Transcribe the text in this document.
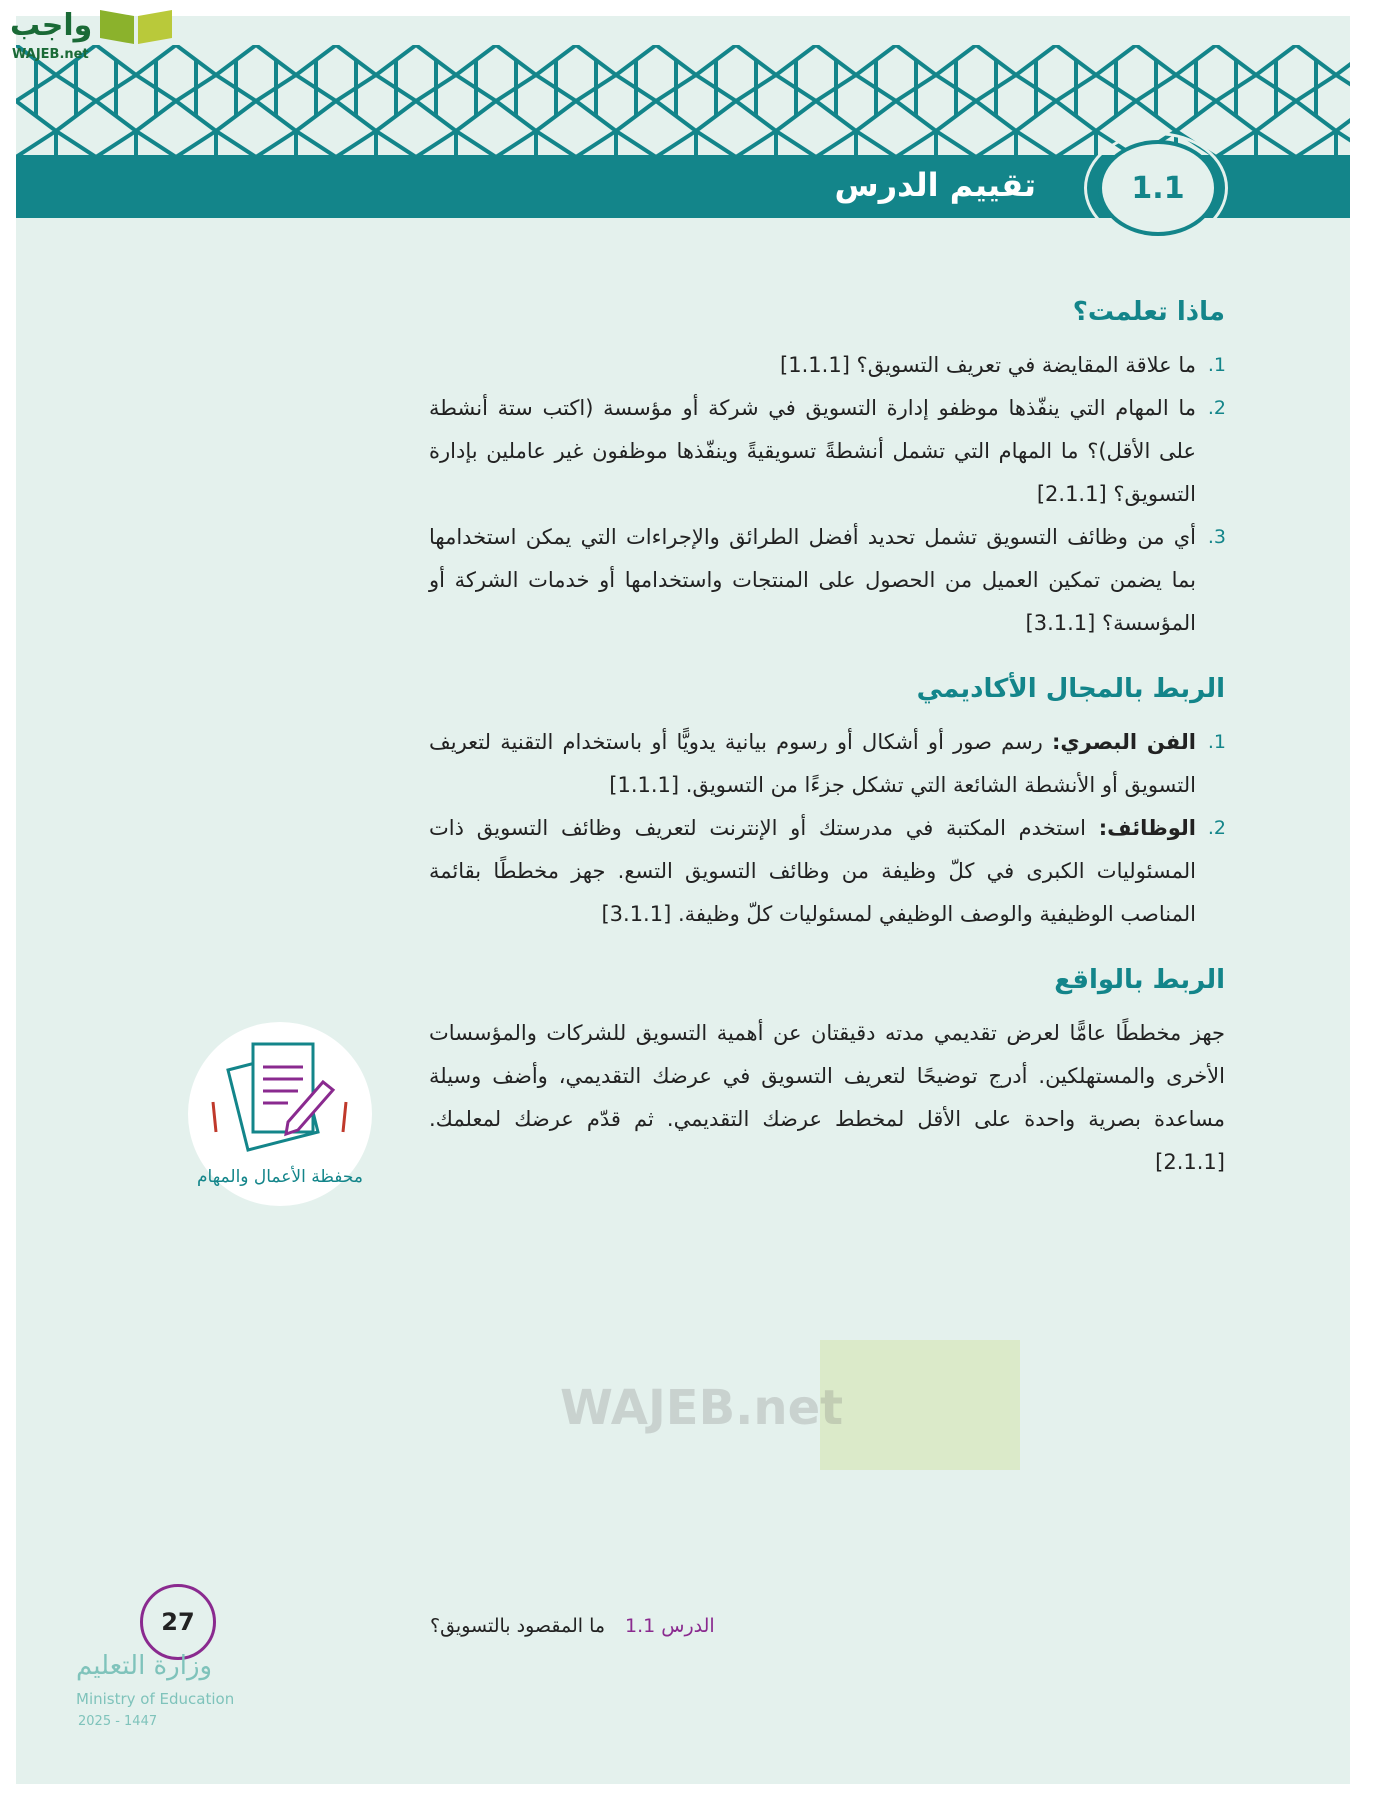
واجب
WAJEB.net
1.1
تقييم الدرس
WAJEB.net
ماذا تعلمت؟
1.
ما علاقة المقايضة في تعريف التسويق؟ [1.1.1]
2.
ما المهام التي ينفّذها موظفو إدارة التسويق في شركة أو مؤسسة (اكتب ستة أنشطة على الأقل)؟ ما المهام التي تشمل أنشطةً تسويقيةً وينفّذها موظفون غير عاملين بإدارة التسويق؟ [2.1.1]
3.
أي من وظائف التسويق تشمل تحديد أفضل الطرائق والإجراءات التي يمكن استخدامها بما يضمن تمكين العميل من الحصول على المنتجات واستخدامها أو خدمات الشركة أو المؤسسة؟ [3.1.1]
الربط بالمجال الأكاديمي
1.
الفن البصري: رسم صور أو أشكال أو رسوم بيانية يدويًّا أو باستخدام التقنية لتعريف التسويق أو الأنشطة الشائعة التي تشكل جزءًا من التسويق. [1.1.1]
2.
الوظائف: استخدم المكتبة في مدرستك أو الإنترنت لتعريف وظائف التسويق ذات المسئوليات الكبرى في كلّ وظيفة من وظائف التسويق التسع. جهز مخططًا بقائمة المناصب الوظيفية والوصف الوظيفي لمسئوليات كلّ وظيفة. [3.1.1]
الربط بالواقع
جهز مخططًا عامًّا لعرض تقديمي مدته دقيقتان عن أهمية التسويق للشركات والمؤسسات الأخرى والمستهلكين. أدرج توضيحًا لتعريف التسويق في عرضك التقديمي، وأضف وسيلة مساعدة بصرية واحدة على الأقل لمخطط عرضك التقديمي. ثم قدّم عرضك لمعلمك. [2.1.1]
محفظة الأعمال والمهام
الدرس 1.1ما المقصود بالتسويق؟
27
وزارة التعليم
Ministry of Education
2025 - 1447
